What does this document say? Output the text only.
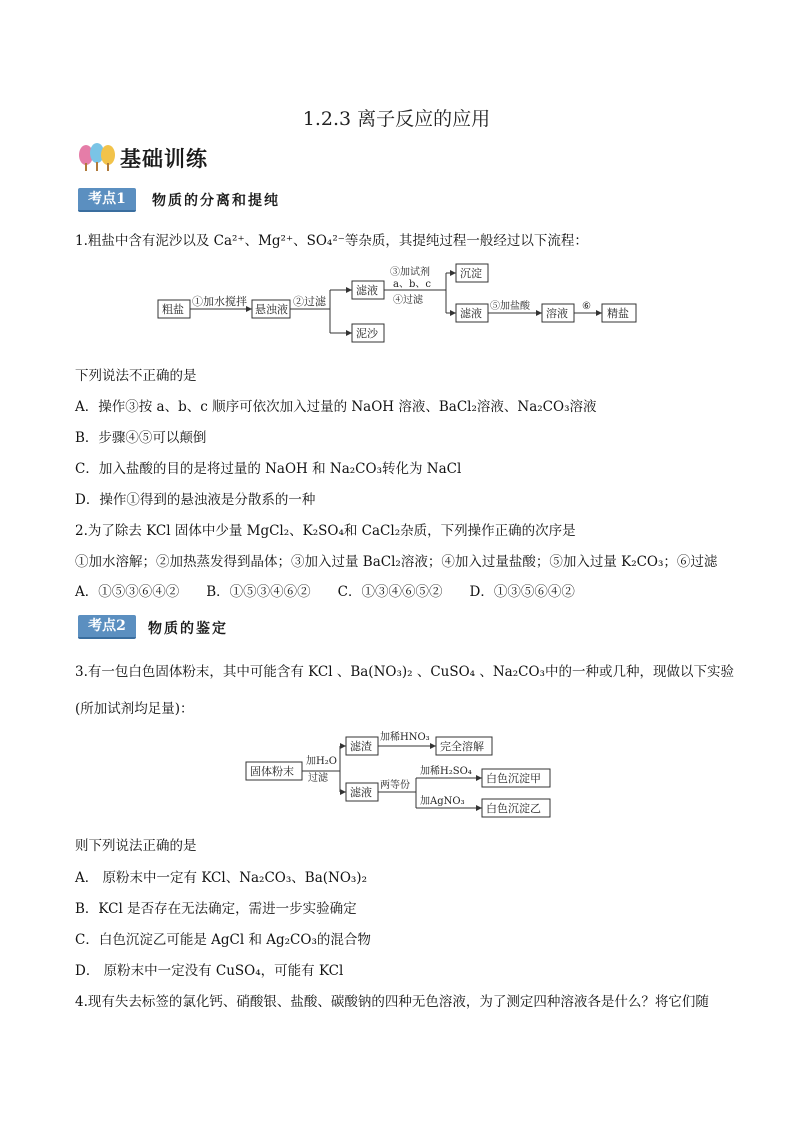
1.2.3 离子反应的应用
基础训练
考点1	物质的分离和提纯
1.粗盐中含有泥沙以及 Ca²⁺、Mg²⁺、SO₄²⁻等杂质，其提纯过程一般经过以下流程：
粗盐
①加水搅拌
悬浊液
②过滤
滤液
泥沙
③加试剂
a、b、c
④过滤
沉淀
滤液
⑤加盐酸
溶液
⑥
精盐
下列说法不正确的是
A．操作③按 a、b、c 顺序可依次加入过量的 NaOH 溶液、BaCl₂溶液、Na₂CO₃溶液
B．步骤④⑤可以颠倒
C．加入盐酸的目的是将过量的 NaOH 和 Na₂CO₃转化为 NaCl
D．操作①得到的悬浊液是分散系的一种
2.为了除去 KCl 固体中少量 MgCl₂、K₂SO₄和 CaCl₂杂质，下列操作正确的次序是
①加水溶解；②加热蒸发得到晶体；③加入过量 BaCl₂溶液；④加入过量盐酸；⑤加入过量 K₂CO₃；⑥过滤
A．①⑤③⑥④②　　B．①⑤③④⑥②　　C．①③④⑥⑤②　　D．①③⑤⑥④②
考点2	物质的鉴定
3.有一包白色固体粉末，其中可能含有 KCl 、Ba(NO₃)₂ 、CuSO₄ 、Na₂CO₃中的一种或几种，现做以下实验
(所加试剂均足量)：
固体粉末
加H₂O
过滤
滤渣
加稀HNO₃
完全溶解
滤液
两等份
加稀H₂SO₄
加AgNO₃
白色沉淀甲
白色沉淀乙
则下列说法正确的是
A． 原粉末中一定有 KCl、Na₂CO₃、Ba(NO₃)₂
B．KCl 是否存在无法确定，需进一步实验确定
C．白色沉淀乙可能是 AgCl 和 Ag₂CO₃的混合物
D． 原粉末中一定没有 CuSO₄，可能有 KCl
4.现有失去标签的氯化钙、硝酸银、盐酸、碳酸钠的四种无色溶液，为了测定四种溶液各是什么？将它们随
